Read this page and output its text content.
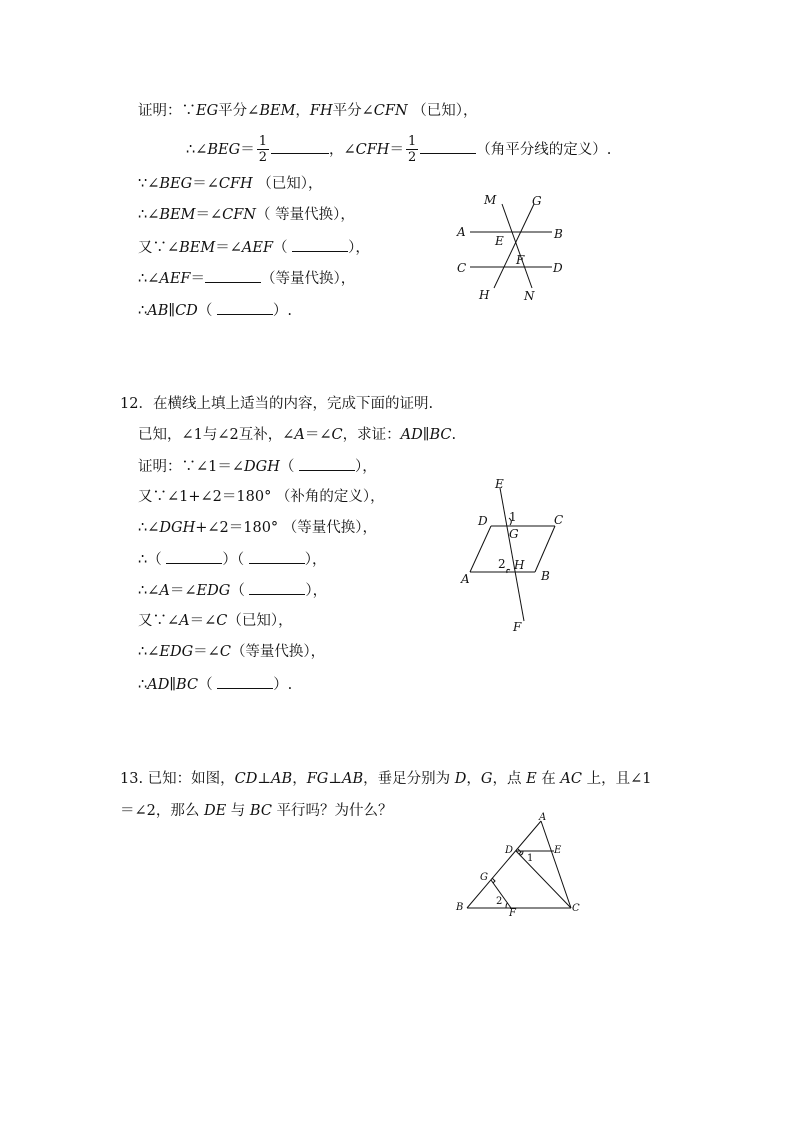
证明：∵EG平分∠BEM，FH平分∠CFN （已知），
∴∠BEG＝ $\frac{1}{2}$	，∠CFH＝ $\frac{1}{2}$	（角平分线的定义）.
∵∠BEG＝∠CFH （已知），
∴∠BEM＝∠CFN（ 等量代换），
又∵∠BEM＝∠AEF（	），
∴∠AEF＝	（等量代换），
∴AB∥CD（	）.
M	G
A
E	B
C
F
D
H	N
12．在横线上填上适当的内容，完成下面的证明.
已知，∠1与∠2互补，∠A＝∠C，求证：AD∥BC.
证明：∵∠1＝∠DGH（	），
又∵∠1+∠2＝180° （补角的定义），
∴∠DGH+∠2＝180° （等量代换），
∴（	）（	），
∴∠A＝∠EDG（	），
又∵∠A＝∠C（已知），
∴∠EDG＝∠C（等量代换），
∴AD∥BC（	）.
E
D 1	C
G
2 H
A	B
F
13. 已知：如图，CD⊥AB，FG⊥AB，垂足分别为 D，G，点 E 在 AC 上，且∠1
＝∠2，那么 DE 与 BC 平行吗？为什么？	A
D
1
E
G
2
B
F	C
